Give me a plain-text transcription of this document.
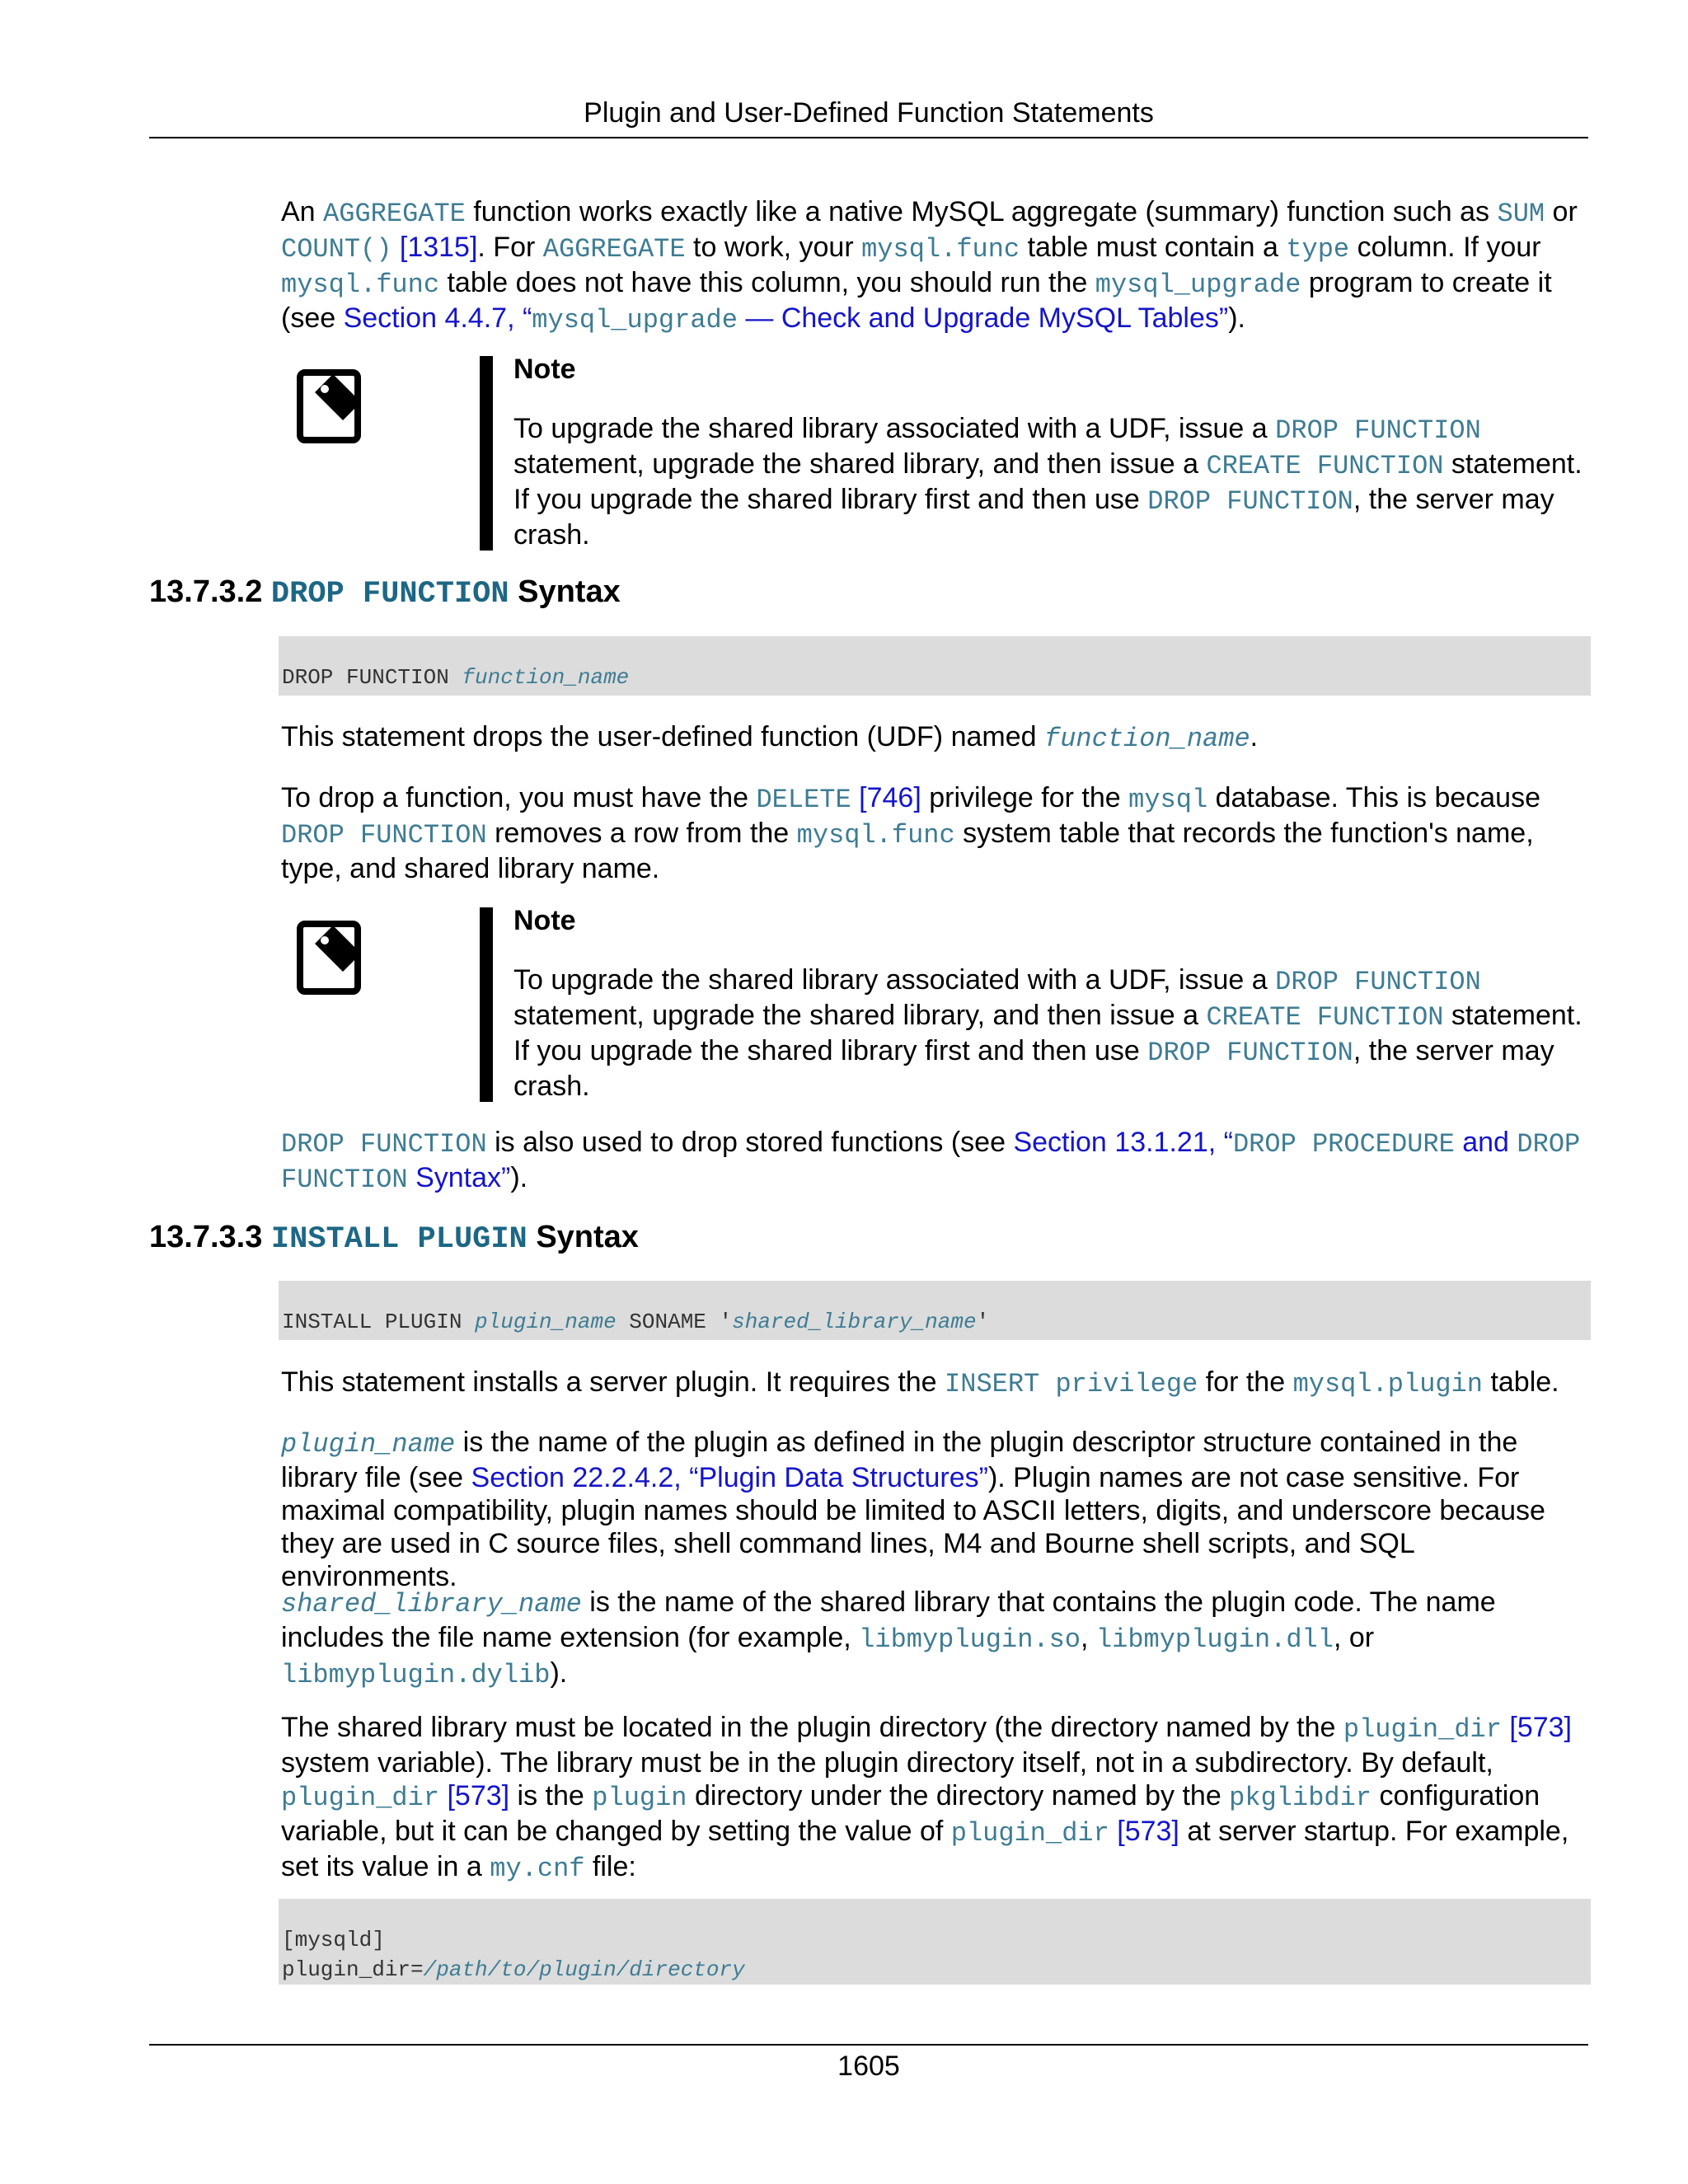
Plugin and User-Defined Function Statements

An AGGREGATE function works exactly like a native MySQL aggregate (summary) function such as SUM or COUNT() [1315]. For AGGREGATE to work, your mysql.func table must contain a type column. If your mysql.func table does not have this column, you should run the mysql_upgrade program to create it (see Section 4.4.7, “mysql_upgrade — Check and Upgrade MySQL Tables”).

Note

To upgrade the shared library associated with a UDF, issue a DROP FUNCTION statement, upgrade the shared library, and then issue a CREATE FUNCTION statement. If you upgrade the shared library first and then use DROP FUNCTION, the server may crash.

13.7.3.2 DROP FUNCTION Syntax
DROP FUNCTION function_name

This statement drops the user-defined function (UDF) named function_name.

To drop a function, you must have the DELETE [746] privilege for the mysql database. This is because DROP FUNCTION removes a row from the mysql.func system table that records the function's name, type, and shared library name.

Note

To upgrade the shared library associated with a UDF, issue a DROP FUNCTION statement, upgrade the shared library, and then issue a CREATE FUNCTION statement. If you upgrade the shared library first and then use DROP FUNCTION, the server may crash.

DROP FUNCTION is also used to drop stored functions (see Section 13.1.21, “DROP PROCEDURE and DROP FUNCTION Syntax”).

13.7.3.3 INSTALL PLUGIN Syntax
INSTALL PLUGIN plugin_name SONAME 'shared_library_name'

This statement installs a server plugin. It requires the INSERT privilege for the mysql.plugin table.

plugin_name is the name of the plugin as defined in the plugin descriptor structure contained in the library file (see Section 22.2.4.2, “Plugin Data Structures”). Plugin names are not case sensitive. For maximal compatibility, plugin names should be limited to ASCII letters, digits, and underscore because they are used in C source files, shell command lines, M4 and Bourne shell scripts, and SQL environments.

shared_library_name is the name of the shared library that contains the plugin code. The name includes the file name extension (for example, libmyplugin.so, libmyplugin.dll, or libmyplugin.dylib).

The shared library must be located in the plugin directory (the directory named by the plugin_dir [573] system variable). The library must be in the plugin directory itself, not in a subdirectory. By default, plugin_dir [573] is the plugin directory under the directory named by the pkglibdir configuration variable, but it can be changed by setting the value of plugin_dir [573] at server startup. For example, set its value in a my.cnf file:

[mysqld]
plugin_dir=/path/to/plugin/directory
1605
